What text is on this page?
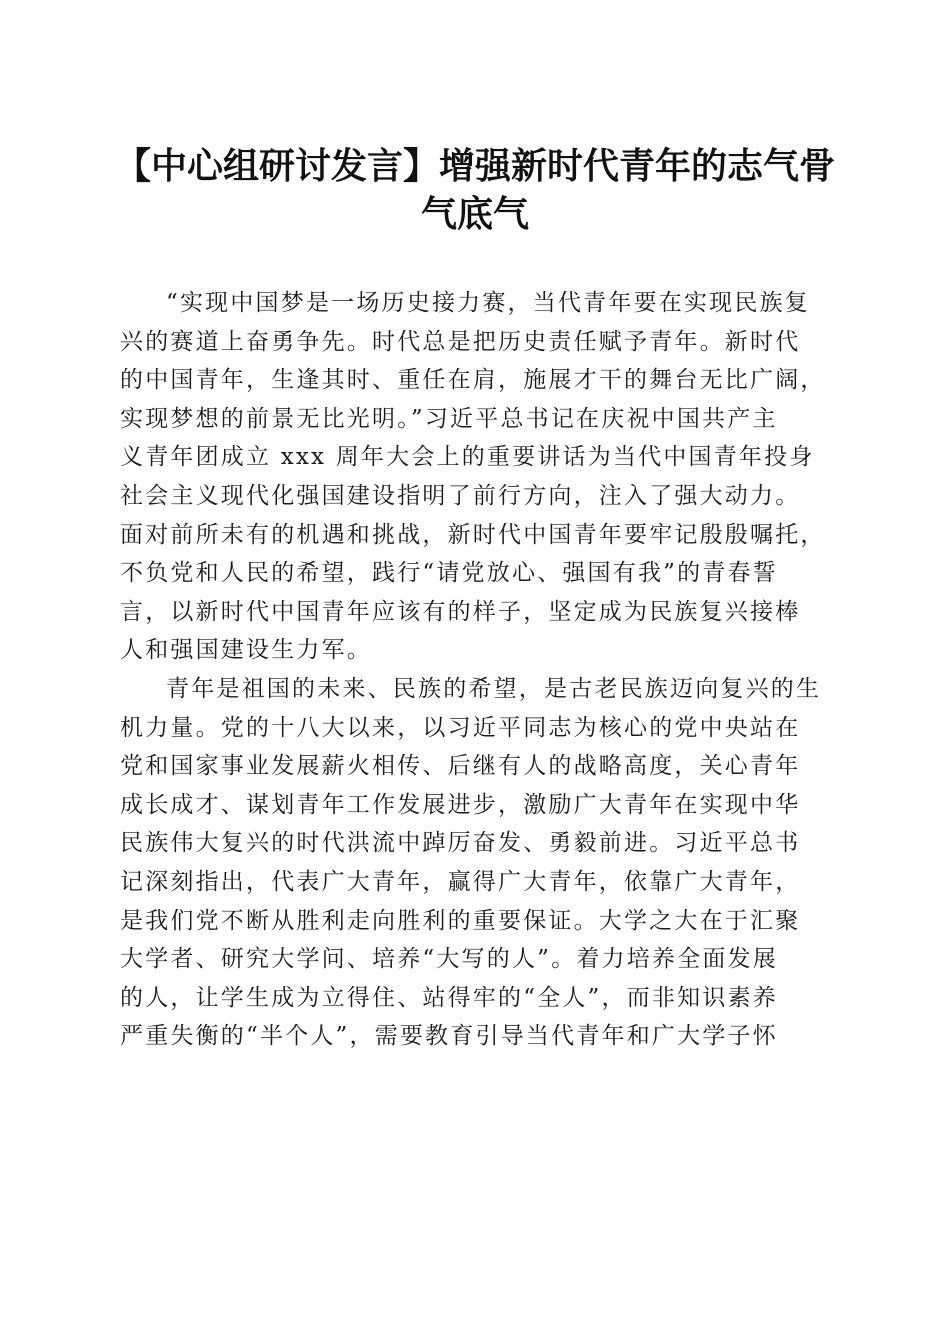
【中心组研讨发言】增强新时代青年的志气骨
气底气
“实现中国梦是一场历史接力赛，当代青年要在实现民族复
兴的赛道上奋勇争先。时代总是把历史责任赋予青年。新时代
的中国青年，生逢其时、重任在肩，施展才干的舞台无比广阔，
实现梦想的前景无比光明。”习近平总书记在庆祝中国共产主
义青年团成立 xxx 周年大会上的重要讲话为当代中国青年投身
社会主义现代化强国建设指明了前行方向，注入了强大动力。
面对前所未有的机遇和挑战，新时代中国青年要牢记殷殷嘱托，
不负党和人民的希望，践行“请党放心、强国有我”的青春誓
言，以新时代中国青年应该有的样子，坚定成为民族复兴接棒
人和强国建设生力军。
青年是祖国的未来、民族的希望，是古老民族迈向复兴的生
机力量。党的十八大以来，以习近平同志为核心的党中央站在
党和国家事业发展薪火相传、后继有人的战略高度，关心青年
成长成才、谋划青年工作发展进步，激励广大青年在实现中华
民族伟大复兴的时代洪流中踔厉奋发、勇毅前进。习近平总书
记深刻指出，代表广大青年，赢得广大青年，依靠广大青年，
是我们党不断从胜利走向胜利的重要保证。大学之大在于汇聚
大学者、研究大学问、培养“大写的人”。着力培养全面发展
的人，让学生成为立得住、站得牢的“全人”，而非知识素养
严重失衡的“半个人”，需要教育引导当代青年和广大学子怀
